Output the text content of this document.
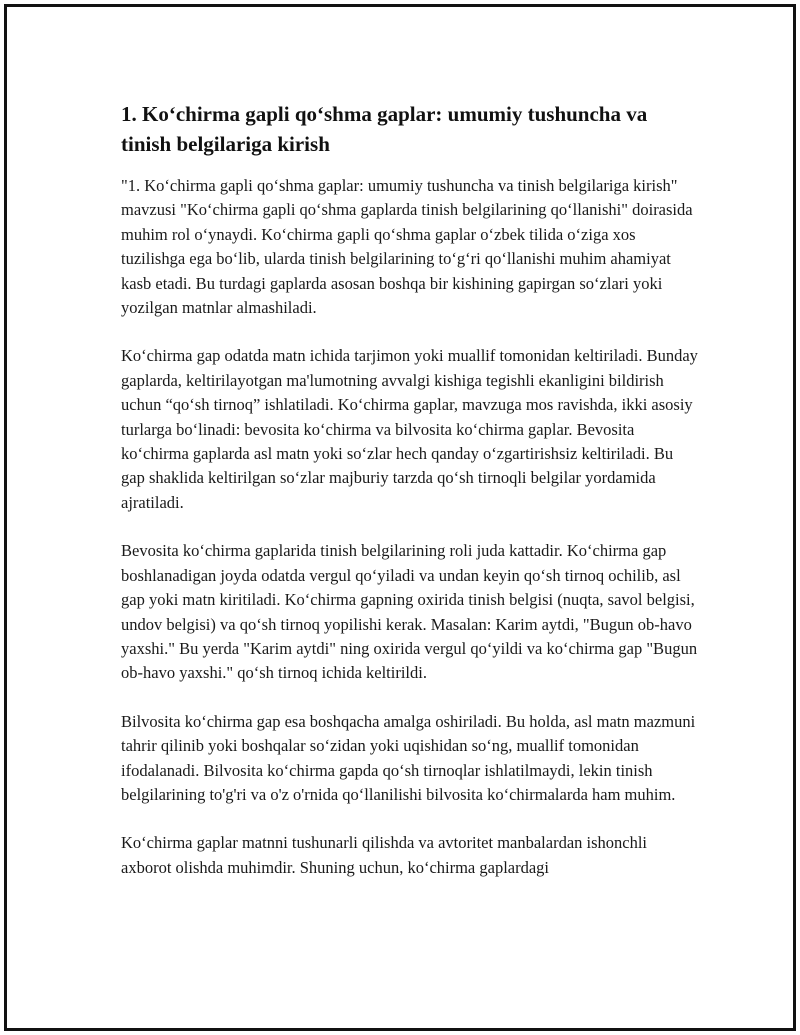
1. Ko‘chirma gapli qo‘shma gaplar: umumiy tushuncha va tinish belgilariga kirish

"1. Ko‘chirma gapli qo‘shma gaplar: umumiy tushuncha va tinish belgilariga kirish" mavzusi "Ko‘chirma gapli qo‘shma gaplarda tinish belgilarining qo‘llanishi" doirasida muhim rol o‘ynaydi. Ko‘chirma gapli qo‘shma gaplar o‘zbek tilida o‘ziga xos tuzilishga ega bo‘lib, ularda tinish belgilarining to‘g‘ri qo‘llanishi muhim ahamiyat kasb etadi. Bu turdagi gaplarda asosan boshqa bir kishining gapirgan so‘zlari yoki yozilgan matnlar almashiladi.

Ko‘chirma gap odatda matn ichida tarjimon yoki muallif tomonidan keltiriladi. Bunday gaplarda, keltirilayotgan ma'lumotning avvalgi kishiga tegishli ekanligini bildirish uchun “qo‘sh tirnoq” ishlatiladi. Ko‘chirma gaplar, mavzuga mos ravishda, ikki asosiy turlarga bo‘linadi: bevosita ko‘chirma va bilvosita ko‘chirma gaplar. Bevosita ko‘chirma gaplarda asl matn yoki so‘zlar hech qanday o‘zgartirishsiz keltiriladi. Bu gap shaklida keltirilgan so‘zlar majburiy tarzda qo‘sh tirnoqli belgilar yordamida ajratiladi.

Bevosita ko‘chirma gaplarida tinish belgilarining roli juda kattadir. Ko‘chirma gap boshlanadigan joyda odatda vergul qo‘yiladi va undan keyin qo‘sh tirnoq ochilib, asl gap yoki matn kiritiladi. Ko‘chirma gapning oxirida tinish belgisi (nuqta, savol belgisi, undov belgisi) va qo‘sh tirnoq yopilishi kerak. Masalan: Karim aytdi, "Bugun ob-havo yaxshi." Bu yerda "Karim aytdi" ning oxirida vergul qo‘yildi va ko‘chirma gap "Bugun ob-havo yaxshi." qo‘sh tirnoq ichida keltirildi.

Bilvosita ko‘chirma gap esa boshqacha amalga oshiriladi. Bu holda, asl matn mazmuni tahrir qilinib yoki boshqalar so‘zidan yoki uqishidan so‘ng, muallif tomonidan ifodalanadi. Bilvosita ko‘chirma gapda qo‘sh tirnoqlar ishlatilmaydi, lekin tinish belgilarining to'g'ri va o'z o'rnida qo‘llanilishi bilvosita ko‘chirmalarda ham muhim.

Ko‘chirma gaplar matnni tushunarli qilishda va avtoritet manbalardan ishonchli axborot olishda muhimdir. Shuning uchun, ko‘chirma gaplardagi
